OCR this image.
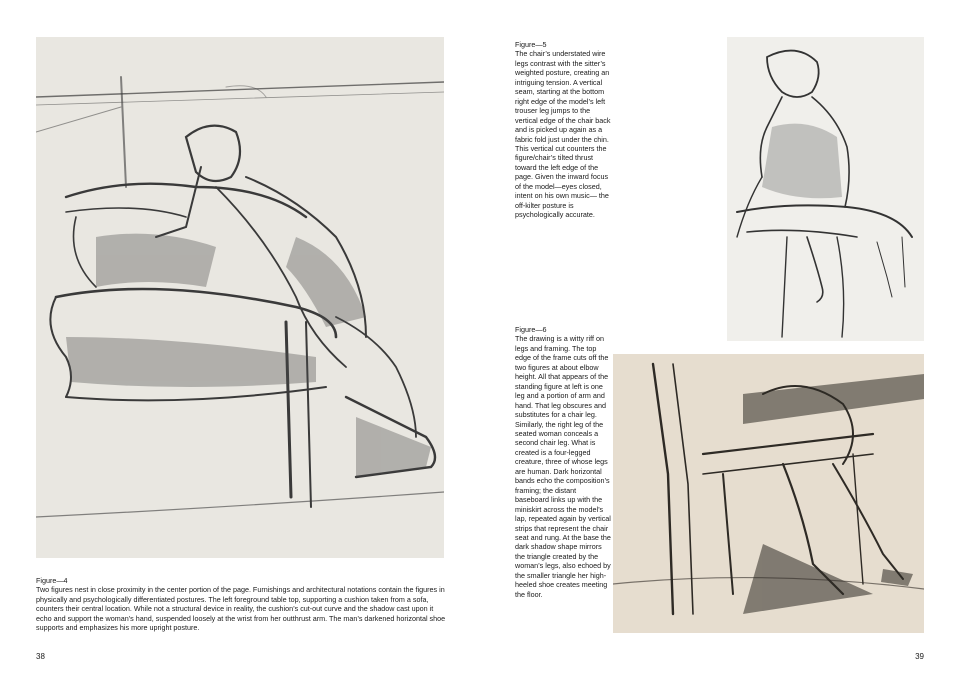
Figure—4
Two figures nest in close proximity in the center portion of the page. Furnishings and architectural notations contain the figures in physically and psychologically differentiated postures. The left foreground table top, supporting a cushion taken from a sofa, counters their central location. While not a structural device in reality, the cushion’s cut-out curve and the shadow cast upon it echo and support the woman’s hand, suspended loosely at the wrist from her outthrust arm. The man’s darkened horizontal shoe supports and emphasizes his more upright posture.

Figure—5
The chair’s understated wire legs contrast with the sitter’s weighted posture, creating an intriguing tension. A vertical seam, starting at the bottom right edge of the model’s left trouser leg jumps to the vertical edge of the chair back and is picked up again as a fabric fold just under the chin. This vertical cut counters the figure/chair’s tilted thrust toward the left edge of the page. Given the inward focus of the model—eyes closed, intent on his own music— the off-kilter posture is psychologically accurate.

Figure—6
The drawing is a witty riff on legs and framing. The top edge of the frame cuts off the two figures at about elbow height. All that appears of the standing figure at left is one leg and a portion of arm and hand. That leg obscures and substitutes for a chair leg. Similarly, the right leg of the seated woman conceals a second chair leg. What is created is a four-legged creature, three of whose legs are human. Dark horizontal bands echo the composition’s framing; the distant baseboard links up with the miniskirt across the model’s lap, repeated again by vertical strips that represent the chair seat and rung. At the base the dark shadow shape mirrors the triangle created by the woman’s legs, also echoed by the smaller triangle her high-heeled shoe creates meeting the floor.

38	39
